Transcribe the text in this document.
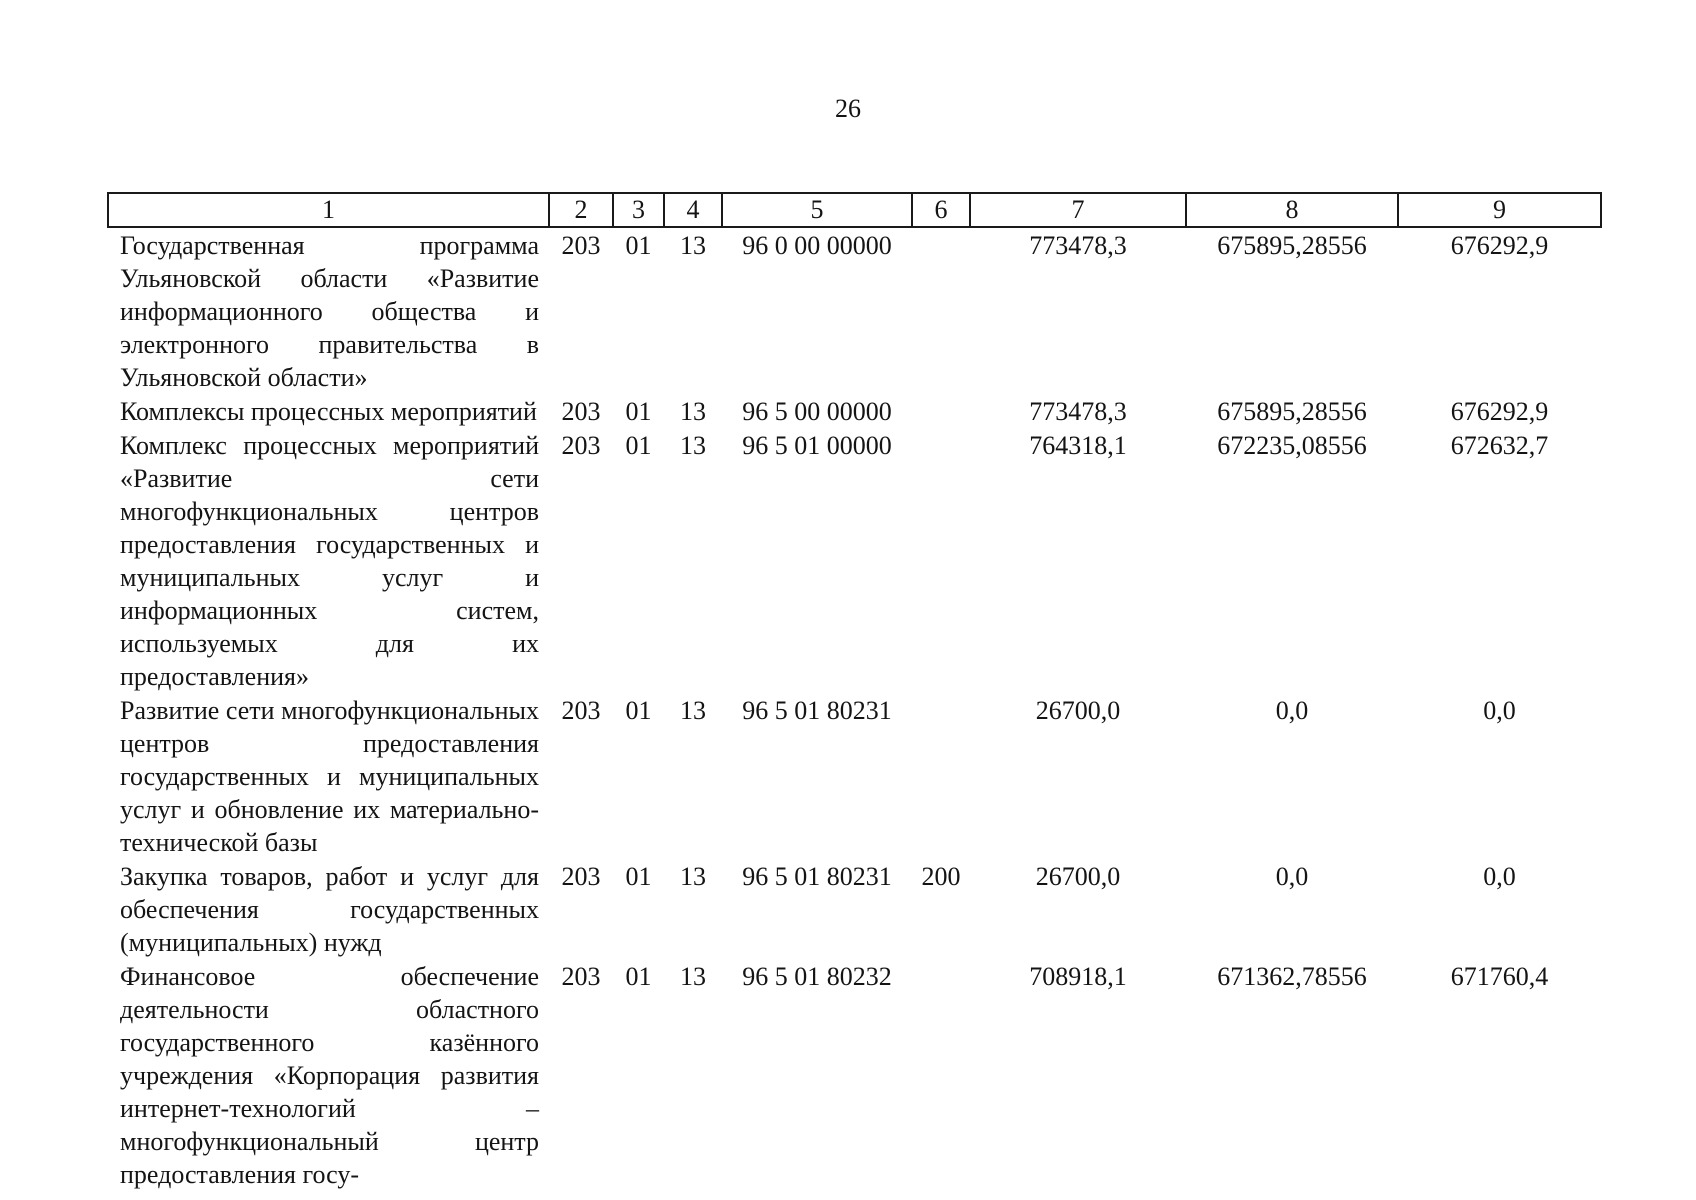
26
1	2	3	4	5	6	7	8	9
Государственная программа Ульяновской области «Развитие информационного общества и электронного правительства в Ульяновской области»	203	01	13	96 0 00 00000		773478,3	675895,28556	676292,9
Комплексы процессных мероприятий	203	01	13	96 5 00 00000		773478,3	675895,28556	676292,9
Комплекс процессных мероприятий «Развитие сети многофункциональных центров предоставления государственных и муниципальных услуг и информационных систем, используемых для их предоставления»	203	01	13	96 5 01 00000		764318,1	672235,08556	672632,7
Развитие сети многофункциональных центров предоставления государственных и муниципальных услуг и обновление их материально-технической базы	203	01	13	96 5 01 80231		26700,0	0,0	0,0
Закупка товаров, работ и услуг для обеспечения государственных (муниципальных) нужд	203	01	13	96 5 01 80231	200	26700,0	0,0	0,0
Финансовое обеспечение деятельности областного государственного казённого учреждения «Корпорация развития интернет-технологий – многофункциональный центр предоставления госу-	203	01	13	96 5 01 80232		708918,1	671362,78556	671760,4
